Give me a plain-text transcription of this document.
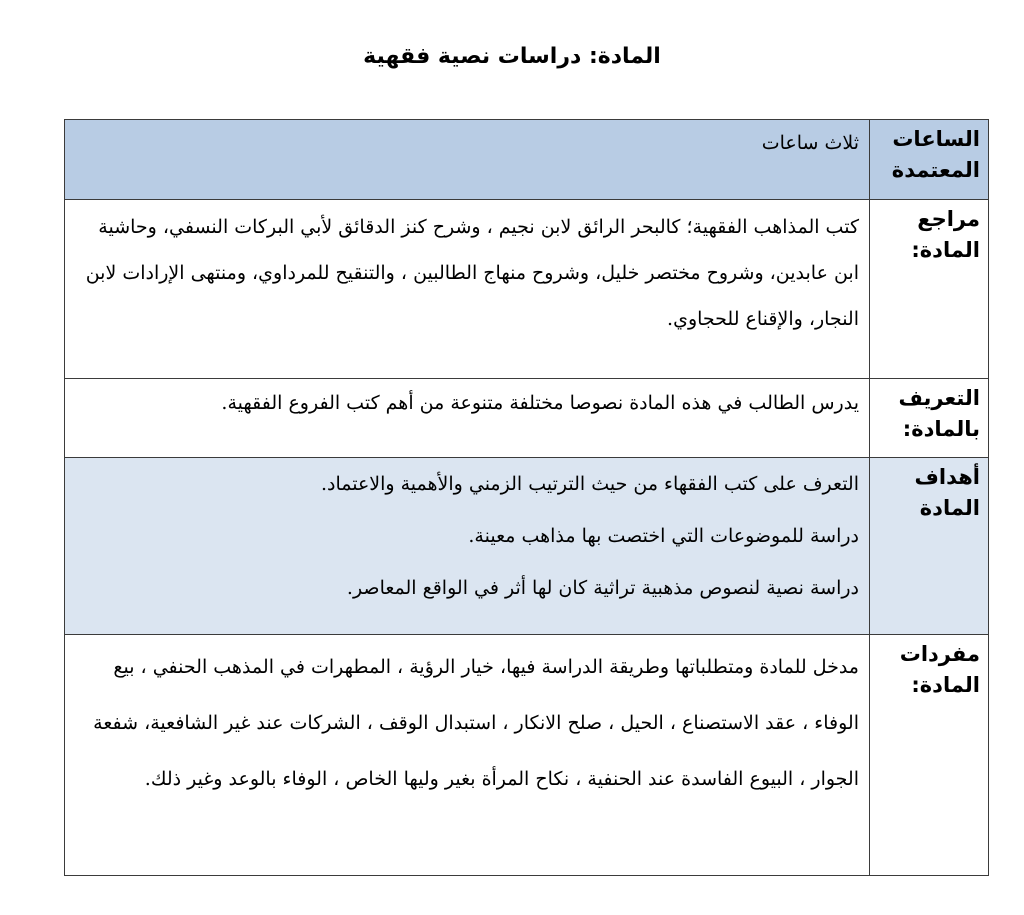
المادة: دراسات نصية فقهية
الساعات المعتمدة	ثلاث ساعات
مراجع المادة:	كتب المذاهب الفقهية؛ كالبحر الرائق لابن نجيم ، وشرح كنز الدقائق لأبي البركات النسفي، وحاشية ابن عابدين، وشروح مختصر خليل، وشروح منهاج الطالبين ، والتنقيح للمرداوي، ومنتهى الإرادات لابن النجار، والإقناع للحجاوي.
التعريف بالمادة:	يدرس الطالب في هذه المادة نصوصا مختلفة متنوعة من أهم كتب الفروع الفقهية.
أهداف المادة	التعرف على كتب الفقهاء من حيث الترتيب الزمني والأهمية والاعتماد.

دراسة للموضوعات التي اختصت بها مذاهب معينة.

دراسة نصية لنصوص مذهبية تراثية كان لها أثر في الواقع المعاصر.

مفردات المادة:	مدخل للمادة ومتطلباتها وطريقة الدراسة فيها، خيار الرؤية ، المطهرات في المذهب الحنفي ، بيع الوفاء ، عقد الاستصناع ، الحيل ، صلح الانكار ، استبدال الوقف ، الشركات عند غير الشافعية، شفعة الجوار ، البيوع الفاسدة عند الحنفية ، نكاح المرأة بغير وليها الخاص ، الوفاء بالوعد وغير ذلك.
